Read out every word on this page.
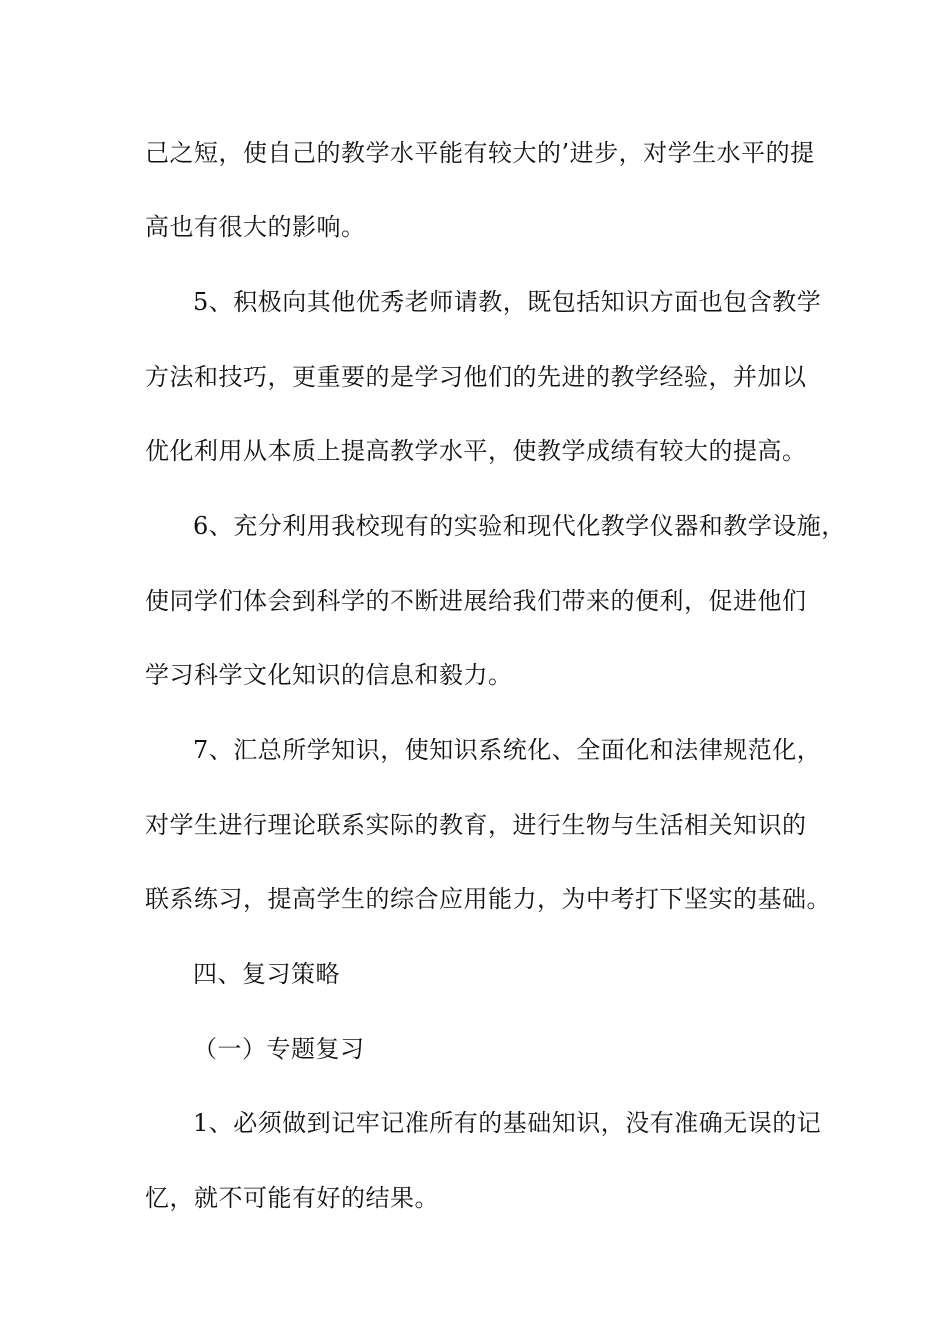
己之短，使自己的教学水平能有较大的’进步，对学生水平的提
高也有很大的影响。
5、积极向其他优秀老师请教，既包括知识方面也包含教学
方法和技巧，更重要的是学习他们的先进的教学经验，并加以
优化利用从本质上提高教学水平，使教学成绩有较大的提高。
6、充分利用我校现有的实验和现代化教学仪器和教学设施，
使同学们体会到科学的不断进展给我们带来的便利，促进他们
学习科学文化知识的信息和毅力。
7、汇总所学知识，使知识系统化、全面化和法律规范化，
对学生进行理论联系实际的教育，进行生物与生活相关知识的
联系练习，提高学生的综合应用能力，为中考打下坚实的基础。
四、复习策略
（一）专题复习
1、必须做到记牢记准所有的基础知识，没有准确无误的记
忆，就不可能有好的结果。
